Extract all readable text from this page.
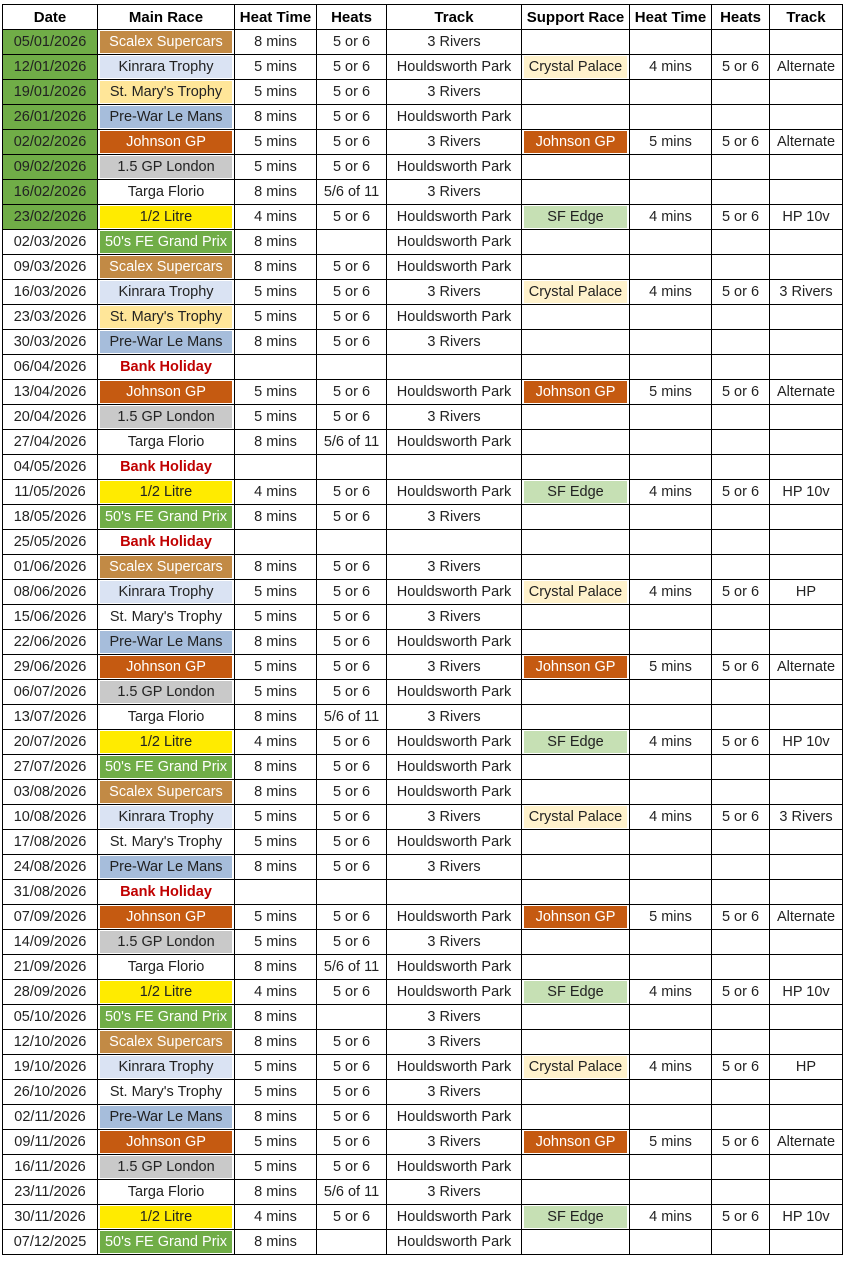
Date	Main Race	Heat Time	Heats	Track	Support Race	Heat Time	Heats	Track
05/01/2026	Scalex Supercars	8 mins	5 or 6	3 Rivers				
12/01/2026	Kinrara Trophy	5 mins	5 or 6	Houldsworth Park	Crystal Palace	4 mins	5 or 6	Alternate
19/01/2026	St. Mary's Trophy	5 mins	5 or 6	3 Rivers				
26/01/2026	Pre-War Le Mans	8 mins	5 or 6	Houldsworth Park				
02/02/2026	Johnson GP	5 mins	5 or 6	3 Rivers	Johnson GP	5 mins	5 or 6	Alternate
09/02/2026	1.5 GP London	5 mins	5 or 6	Houldsworth Park				
16/02/2026	Targa Florio	8 mins	5/6 of 11	3 Rivers				
23/02/2026	1/2 Litre	4 mins	5 or 6	Houldsworth Park	SF Edge	4 mins	5 or 6	HP 10v
02/03/2026	50's FE Grand Prix	8 mins		Houldsworth Park				
09/03/2026	Scalex Supercars	8 mins	5 or 6	Houldsworth Park				
16/03/2026	Kinrara Trophy	5 mins	5 or 6	3 Rivers	Crystal Palace	4 mins	5 or 6	3 Rivers
23/03/2026	St. Mary's Trophy	5 mins	5 or 6	Houldsworth Park				
30/03/2026	Pre-War Le Mans	8 mins	5 or 6	3 Rivers				
06/04/2026	Bank Holiday							

13/04/2026	Johnson GP	5 mins	5 or 6	Houldsworth Park	Johnson GP	5 mins	5 or 6	Alternate
20/04/2026	1.5 GP London	5 mins	5 or 6	3 Rivers				
27/04/2026	Targa Florio	8 mins	5/6 of 11	Houldsworth Park				
04/05/2026	Bank Holiday							

11/05/2026	1/2 Litre	4 mins	5 or 6	Houldsworth Park	SF Edge	4 mins	5 or 6	HP 10v
18/05/2026	50's FE Grand Prix	8 mins	5 or 6	3 Rivers				
25/05/2026	Bank Holiday							

01/06/2026	Scalex Supercars	8 mins	5 or 6	3 Rivers				
08/06/2026	Kinrara Trophy	5 mins	5 or 6	Houldsworth Park	Crystal Palace	4 mins	5 or 6	HP
15/06/2026	St. Mary's Trophy	5 mins	5 or 6	3 Rivers				
22/06/2026	Pre-War Le Mans	8 mins	5 or 6	Houldsworth Park				
29/06/2026	Johnson GP	5 mins	5 or 6	3 Rivers	Johnson GP	5 mins	5 or 6	Alternate
06/07/2026	1.5 GP London	5 mins	5 or 6	Houldsworth Park				
13/07/2026	Targa Florio	8 mins	5/6 of 11	3 Rivers				
20/07/2026	1/2 Litre	4 mins	5 or 6	Houldsworth Park	SF Edge	4 mins	5 or 6	HP 10v
27/07/2026	50's FE Grand Prix	8 mins	5 or 6	Houldsworth Park				
03/08/2026	Scalex Supercars	8 mins	5 or 6	Houldsworth Park				
10/08/2026	Kinrara Trophy	5 mins	5 or 6	3 Rivers	Crystal Palace	4 mins	5 or 6	3 Rivers
17/08/2026	St. Mary's Trophy	5 mins	5 or 6	Houldsworth Park				
24/08/2026	Pre-War Le Mans	8 mins	5 or 6	3 Rivers				
31/08/2026	Bank Holiday							

07/09/2026	Johnson GP	5 mins	5 or 6	Houldsworth Park	Johnson GP	5 mins	5 or 6	Alternate
14/09/2026	1.5 GP London	5 mins	5 or 6	3 Rivers				
21/09/2026	Targa Florio	8 mins	5/6 of 11	Houldsworth Park				
28/09/2026	1/2 Litre	4 mins	5 or 6	Houldsworth Park	SF Edge	4 mins	5 or 6	HP 10v
05/10/2026	50's FE Grand Prix	8 mins		3 Rivers				
12/10/2026	Scalex Supercars	8 mins	5 or 6	3 Rivers				
19/10/2026	Kinrara Trophy	5 mins	5 or 6	Houldsworth Park	Crystal Palace	4 mins	5 or 6	HP
26/10/2026	St. Mary's Trophy	5 mins	5 or 6	3 Rivers				
02/11/2026	Pre-War Le Mans	8 mins	5 or 6	Houldsworth Park				
09/11/2026	Johnson GP	5 mins	5 or 6	3 Rivers	Johnson GP	5 mins	5 or 6	Alternate
16/11/2026	1.5 GP London	5 mins	5 or 6	Houldsworth Park				
23/11/2026	Targa Florio	8 mins	5/6 of 11	3 Rivers				
30/11/2026	1/2 Litre	4 mins	5 or 6	Houldsworth Park	SF Edge	4 mins	5 or 6	HP 10v
07/12/2025	50's FE Grand Prix	8 mins		Houldsworth Park				
